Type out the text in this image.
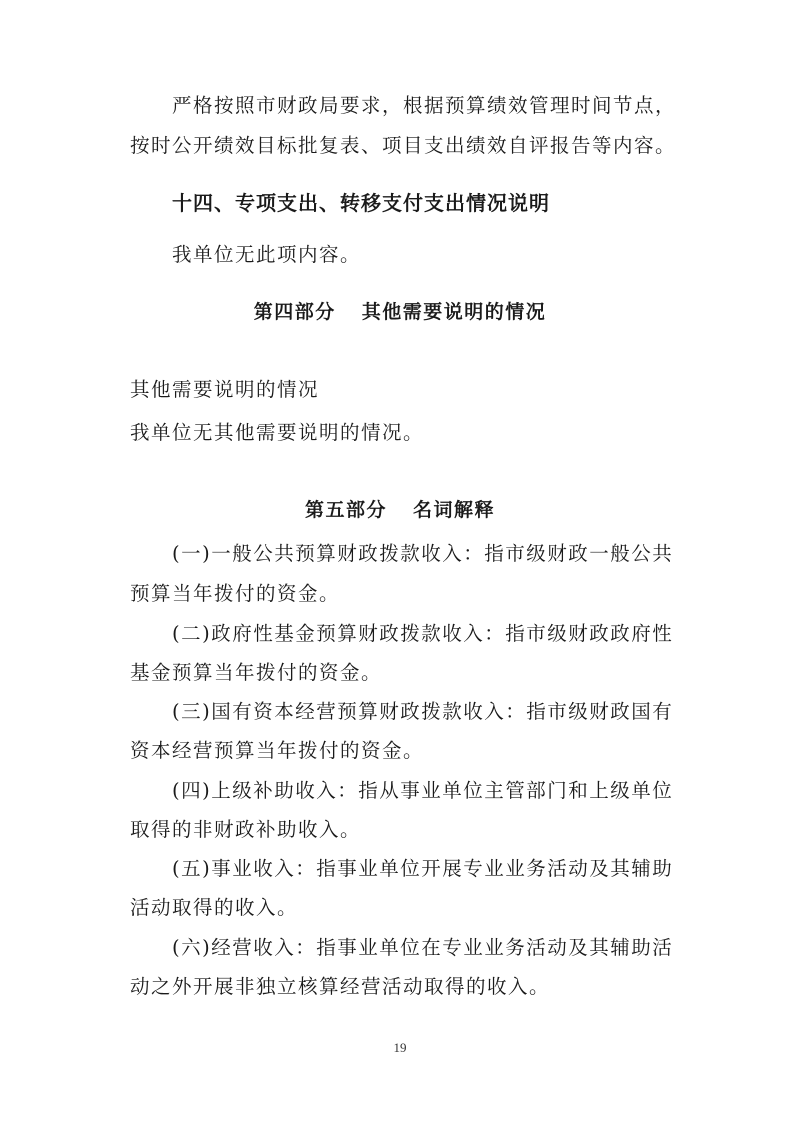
严格按照市财政局要求，根据预算绩效管理时间节点，
按时公开绩效目标批复表、项目支出绩效自评报告等内容。
十四、专项支出、转移支付支出情况说明
我单位无此项内容。
第四部分 其他需要说明的情况
其他需要说明的情况
我单位无其他需要说明的情况。
第五部分 名词解释
(一)一般公共预算财政拨款收入：指市级财政一般公共
预算当年拨付的资金。
(二)政府性基金预算财政拨款收入：指市级财政政府性
基金预算当年拨付的资金。
(三)国有资本经营预算财政拨款收入：指市级财政国有
资本经营预算当年拨付的资金。
(四)上级补助收入：指从事业单位主管部门和上级单位
取得的非财政补助收入。
(五)事业收入：指事业单位开展专业业务活动及其辅助
活动取得的收入。
(六)经营收入：指事业单位在专业业务活动及其辅助活
动之外开展非独立核算经营活动取得的收入。
19
